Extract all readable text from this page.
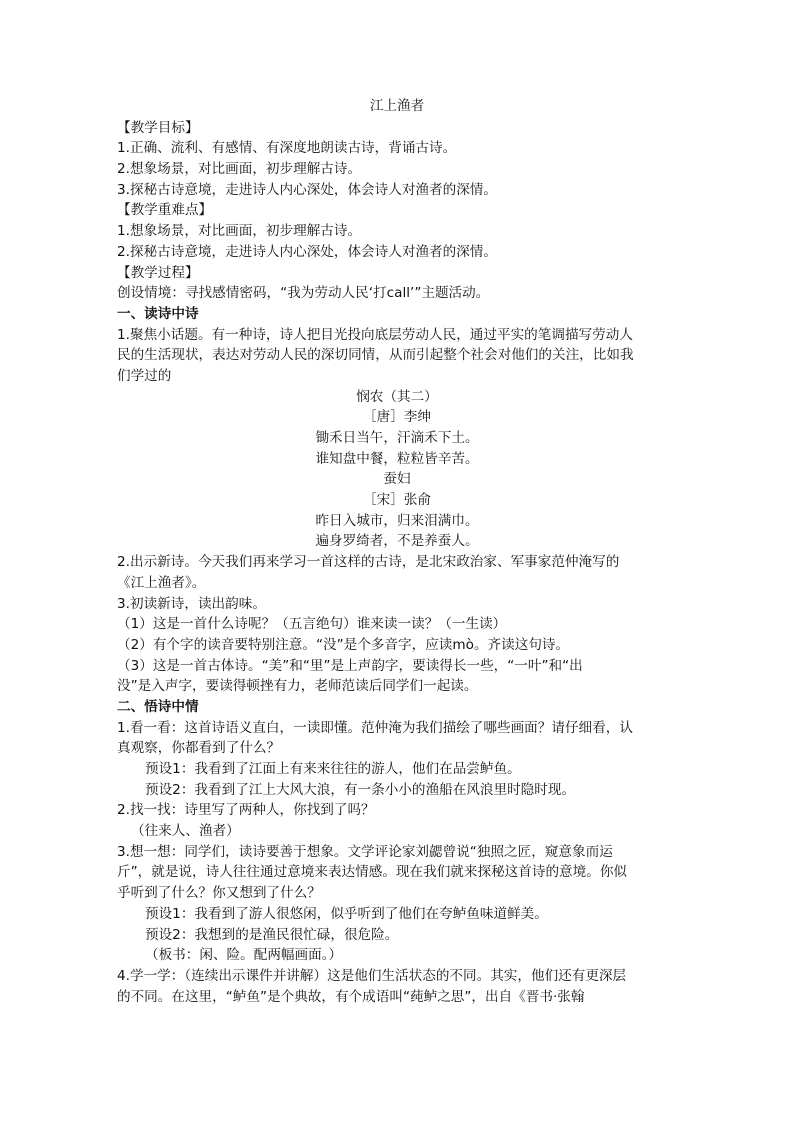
江上渔者
【教学目标】
1.正确、流利、有感情、有深度地朗读古诗，背诵古诗。
2.想象场景，对比画面，初步理解古诗。
3.探秘古诗意境，走进诗人内心深处，体会诗人对渔者的深情。
【教学重难点】
1.想象场景，对比画面，初步理解古诗。
2.探秘古诗意境，走进诗人内心深处，体会诗人对渔者的深情。
【教学过程】
创设情境：寻找感情密码，“我为劳动人民‘打call’”主题活动。
一、读诗中诗
1.聚焦小话题。有一种诗，诗人把目光投向底层劳动人民，通过平实的笔调描写劳动人
民的生活现状，表达对劳动人民的深切同情，从而引起整个社会对他们的关注，比如我
们学过的
悯农（其二）
［唐］李绅
锄禾日当午，汗滴禾下土。
谁知盘中餐，粒粒皆辛苦。
蚕妇
［宋］张俞
昨日入城市，归来泪满巾。
遍身罗绮者，不是养蚕人。
2.出示新诗。今天我们再来学习一首这样的古诗，是北宋政治家、军事家范仲淹写的
《江上渔者》。
3.初读新诗，读出韵味。
（1）这是一首什么诗呢？（五言绝句）谁来读一读？（一生读）
（2）有个字的读音要特别注意。“没”是个多音字，应读mò。齐读这句诗。
（3）这是一首古体诗。“美”和“里”是上声韵字，要读得长一些，“一叶”和“出
没”是入声字，要读得顿挫有力，老师范读后同学们一起读。
二、悟诗中情
1.看一看：这首诗语义直白，一读即懂。范仲淹为我们描绘了哪些画面？请仔细看，认
真观察，你都看到了什么？
预设1：我看到了江面上有来来往往的游人，他们在品尝鲈鱼。
预设2：我看到了江上大风大浪，有一条小小的渔船在风浪里时隐时现。
2.找一找：诗里写了两种人，你找到了吗？
（往来人、渔者）
3.想一想：同学们，读诗要善于想象。文学评论家刘勰曾说“独照之匠，窥意象而运
斤”，就是说，诗人往往通过意境来表达情感。现在我们就来探秘这首诗的意境。你似
乎听到了什么？你又想到了什么？
预设1：我看到了游人很悠闲，似乎听到了他们在夸鲈鱼味道鲜美。
预设2：我想到的是渔民很忙碌，很危险。
（板书：闲、险。配两幅画面。）
4.学一学：（连续出示课件并讲解）这是他们生活状态的不同。其实，他们还有更深层
的不同。在这里，“鲈鱼”是个典故，有个成语叫“莼鲈之思”，出自《晋书·张翰
